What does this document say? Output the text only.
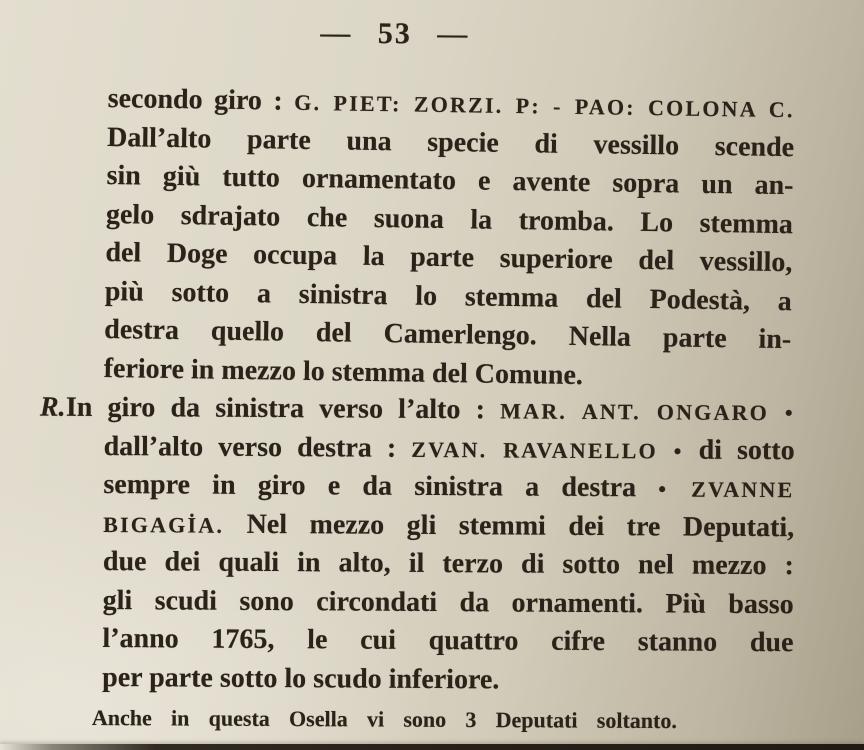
— 53 —
secondo giro : G. PIET: ZORZI. P: - PAO: COLONA C.
Dall’alto parte una specie di vessillo scende
sin giù tutto ornamentato e avente sopra un an-
gelo sdrajato che suona la tromba. Lo stemma
del Doge occupa la parte superiore del vessillo,
più sotto a sinistra lo stemma del Podestà, a
destra quello del Camerlengo. Nella parte in-
feriore in mezzo lo stemma del Comune.
R. In giro da sinistra verso l’alto : MAR. ANT. ONGARO •
dall’alto verso destra : ZVAN. RAVANELLO • di sotto
sempre in giro e da sinistra a destra • ZVANNE
BIGAGİA. Nel mezzo gli stemmi dei tre Deputati,
due dei quali in alto, il terzo di sotto nel mezzo :
gli scudi sono circondati da ornamenti. Più basso
l’anno 1765, le cui quattro cifre stanno due
per parte sotto lo scudo inferiore.
Anche in questa Osella vi sono 3 Deputati soltanto.
